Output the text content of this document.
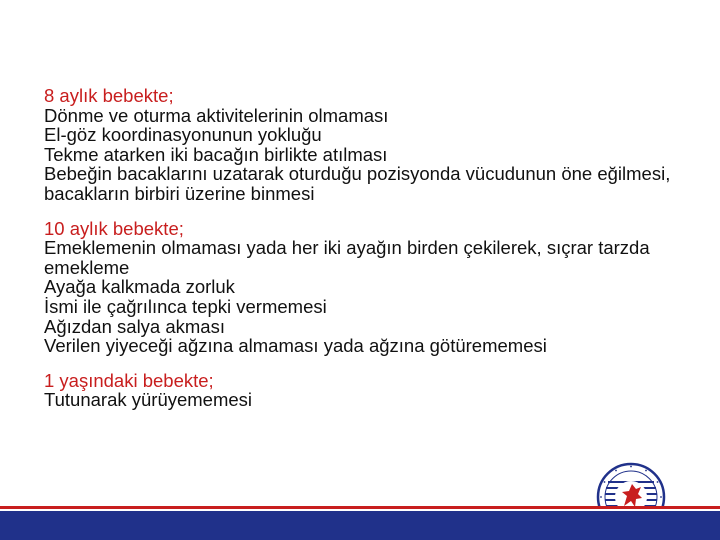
8 aylık bebekte;
Dönme ve oturma aktivitelerinin olmaması
El-göz koordinasyonunun yokluğu
Tekme atarken iki bacağın birlikte atılması
Bebeğin bacaklarını uzatarak oturduğu pozisyonda vücudunun öne eğilmesi, bacakların birbiri üzerine binmesi
10 aylık bebekte;
Emeklemenin olmaması yada her iki ayağın birden çekilerek, sıçrar tarzda emekleme
Ayağa kalkmada zorluk
İsmi ile çağrılınca tepki vermemesi
Ağızdan salya akması
Verilen yiyeceği ağzına almaması yada ağzına götürememesi
1 yaşındaki bebekte;
Tutunarak yürüyememesi
